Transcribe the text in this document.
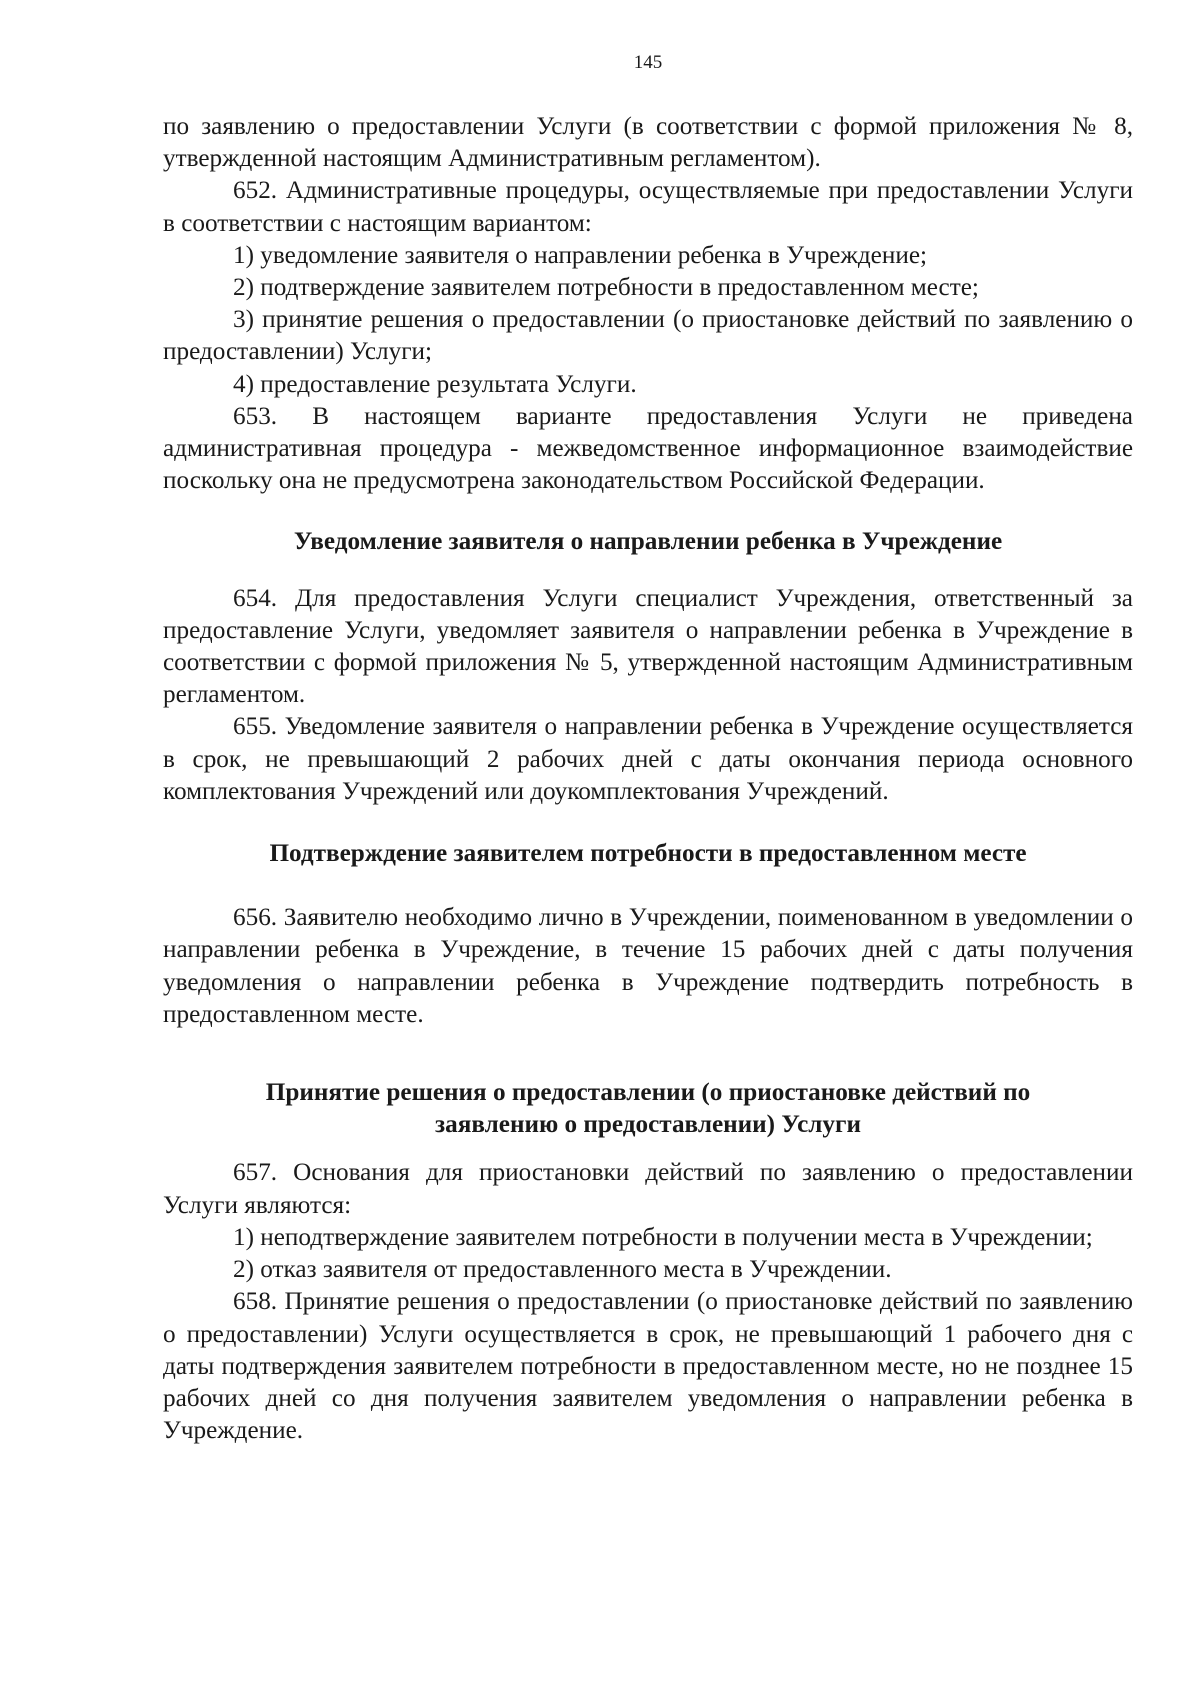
145

по заявлению о предоставлении Услуги (в соответствии с формой приложения № 8, утвержденной настоящим Административным регламентом).

652. Административные процедуры, осуществляемые при предоставлении Услуги в соответствии с настоящим вариантом:

1) уведомление заявителя о направлении ребенка в Учреждение;

2) подтверждение заявителем потребности в предоставленном месте;

3) принятие решения о предоставлении (о приостановке действий по заявлению о предоставлении) Услуги;

4) предоставление результата Услуги.

653. В настоящем варианте предоставления Услуги не приведена административная процедура - межведомственное информационное взаимодействие поскольку она не предусмотрена законодательством Российской Федерации.

Уведомление заявителя о направлении ребенка в Учреждение

654. Для предоставления Услуги специалист Учреждения, ответственный за предоставление Услуги, уведомляет заявителя о направлении ребенка в Учреждение в соответствии с формой приложения № 5, утвержденной настоящим Административным регламентом.

655. Уведомление заявителя о направлении ребенка в Учреждение осуществляется в срок, не превышающий 2 рабочих дней с даты окончания периода основного комплектования Учреждений или доукомплектования Учреждений.

Подтверждение заявителем потребности в предоставленном месте

656. Заявителю необходимо лично в Учреждении, поименованном в уведомлении о направлении ребенка в Учреждение, в течение 15 рабочих дней с даты получения уведомления о направлении ребенка в Учреждение подтвердить потребность в предоставленном месте.

Принятие решения о предоставлении (о приостановке действий по
заявлению о предоставлении) Услуги

657. Основания для приостановки действий по заявлению о предоставлении Услуги являются:

1) неподтверждение заявителем потребности в получении места в Учреждении;

2) отказ заявителя от предоставленного места в Учреждении.

658. Принятие решения о предоставлении (о приостановке действий по заявлению о предоставлении) Услуги осуществляется в срок, не превышающий 1 рабочего дня с даты подтверждения заявителем потребности в предоставленном месте, но не позднее 15 рабочих дней со дня получения заявителем уведомления о направлении ребенка в Учреждение.
